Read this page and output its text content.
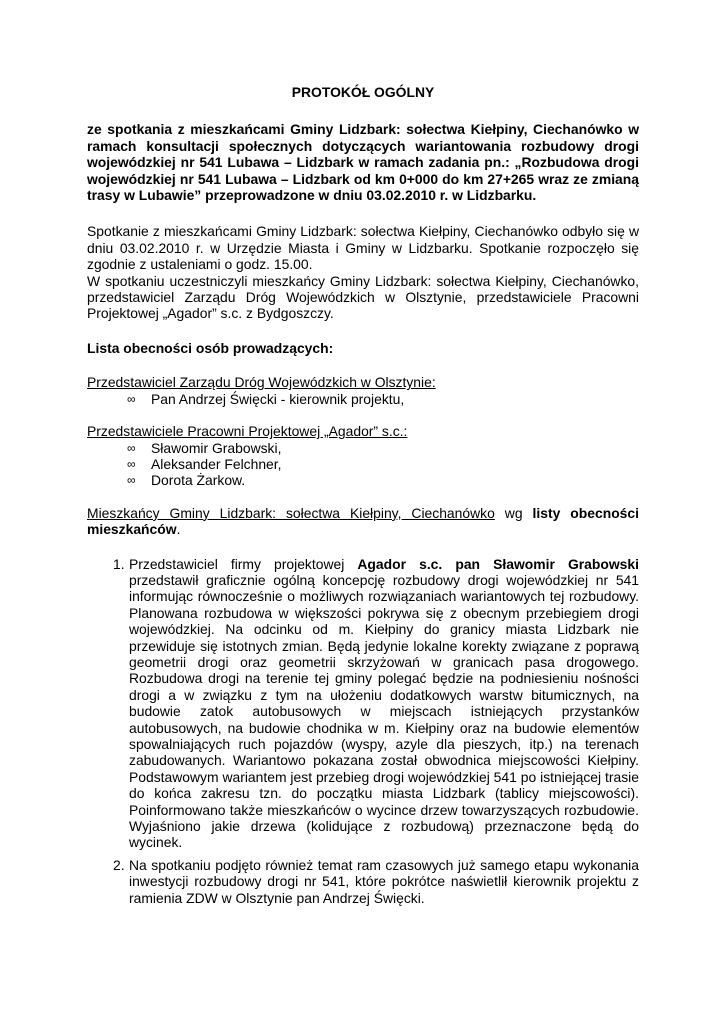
PROTOKÓŁ OGÓLNY

ze spotkania z mieszkańcami Gminy Lidzbark: sołectwa Kiełpiny, Ciechanówko w ramach konsultacji społecznych dotyczących wariantowania rozbudowy drogi wojewódzkiej nr 541 Lubawa – Lidzbark w ramach zadania pn.: „Rozbudowa drogi wojewódzkiej nr 541 Lubawa – Lidzbark od km 0+000 do km 27+265 wraz ze zmianą trasy w Lubawie” przeprowadzone w dniu 03.02.2010 r. w Lidzbarku.

Spotkanie z mieszkańcami Gminy Lidzbark: sołectwa Kiełpiny, Ciechanówko odbyło się w dniu 03.02.2010 r. w Urzędzie Miasta i Gminy w Lidzbarku. Spotkanie rozpoczęło się zgodnie z ustaleniami o godz. 15.00.

W spotkaniu uczestniczyli mieszkańcy Gminy Lidzbark: sołectwa Kiełpiny, Ciechanówko, przedstawiciel Zarządu Dróg Wojewódzkich w Olsztynie, przedstawiciele Pracowni Projektowej „Agador” s.c. z Bydgoszczy.

Lista obecności osób prowadzących:

Przedstawiciel Zarządu Dróg Wojewódzkich w Olsztynie:

∞	Pan Andrzej Święcki - kierownik projektu,

Przedstawiciele Pracowni Projektowej „Agador” s.c.:

∞	Sławomir Grabowski,
∞	Aleksander Felchner,
∞	Dorota Żarkow.

Mieszkańcy Gminy Lidzbark: sołectwa Kiełpiny, Ciechanówko wg listy obecności mieszkańców.

1. Przedstawiciel firmy projektowej Agador s.c. pan Sławomir Grabowski przedstawił graficznie ogólną koncepcję rozbudowy drogi wojewódzkiej nr 541 informując równocześnie o możliwych rozwiązaniach wariantowych tej rozbudowy. Planowana rozbudowa w większości pokrywa się z obecnym przebiegiem drogi wojewódzkiej. Na odcinku od m. Kiełpiny do granicy miasta Lidzbark nie przewiduje się istotnych zmian. Będą jedynie lokalne korekty związane z poprawą geometrii drogi oraz geometrii skrzyżowań w granicach pasa drogowego. Rozbudowa drogi na terenie tej gminy polegać będzie na podniesieniu nośności drogi a w związku z tym na ułożeniu dodatkowych warstw bitumicznych, na budowie zatok autobusowych w miejscach istniejących przystanków autobusowych, na budowie chodnika w m. Kiełpiny oraz na budowie elementów spowalniających ruch pojazdów (wyspy, azyle dla pieszych, itp.) na terenach zabudowanych. Wariantowo pokazana został obwodnica miejscowości Kiełpiny. Podstawowym wariantem jest przebieg drogi wojewódzkiej 541 po istniejącej trasie do końca zakresu tzn. do początku miasta Lidzbark (tablicy miejscowości). Poinformowano także mieszkańców o wycince drzew towarzyszących rozbudowie. Wyjaśniono jakie drzewa (kolidujące z rozbudową) przeznaczone będą do wycinek.
2. Na spotkaniu podjęto również temat ram czasowych już samego etapu wykonania inwestycji rozbudowy drogi nr 541, które pokrótce naświetlił kierownik projektu z ramienia ZDW w Olsztynie pan Andrzej Święcki.
